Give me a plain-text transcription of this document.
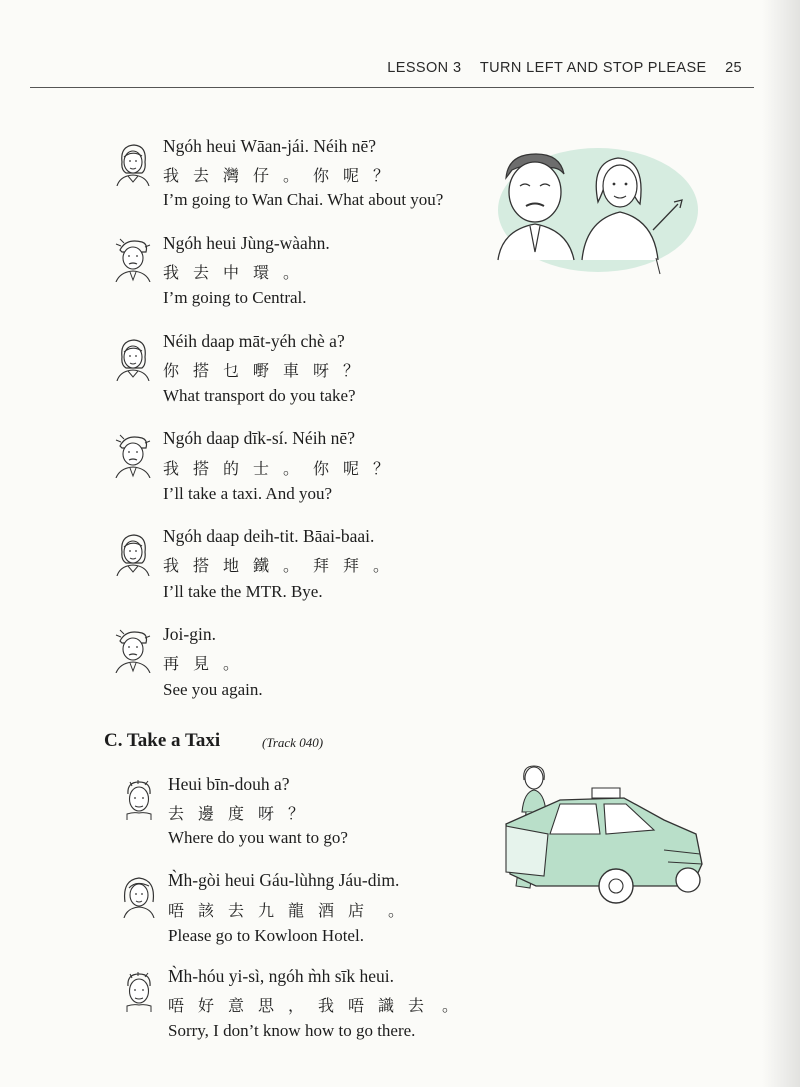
LESSON 3 TURN LEFT AND STOP PLEASE 25
Ngóh heui Wāan-jái. Néih nē?
我 去 灣 仔 。 你 呢 ？
I’m going to Wan Chai. What about you?
Ngóh heui Jùng-wàahn.
我 去 中 環 。
I’m going to Central.
Néih daap māt-yéh chè a?
你 搭 乜 嘢 車 呀 ？
What transport do you take?
Ngóh daap dīk-sí. Néih nē?
我 搭 的 士 。 你 呢 ？
I’ll take a taxi. And you?
Ngóh daap deih-tit. Bāai-baai.
我 搭 地 鐵 。 拜 拜 。
I’ll take the MTR. Bye.
Joi-gin.
再 見 。
See you again.
C. Take a Taxi	(Track 040)
Heui bīn-douh a?
去 邊 度 呀 ？
Where do you want to go?
M̀h-gòi heui Gáu-lùhng Jáu-dim.
唔 該 去 九 龍 酒 店 。
Please go to Kowloon Hotel.
M̀h-hóu yi-sì, ngóh m̀h sīk heui.
唔 好 意 思 ， 我 唔 識 去 。
Sorry, I don’t know how to go there.
